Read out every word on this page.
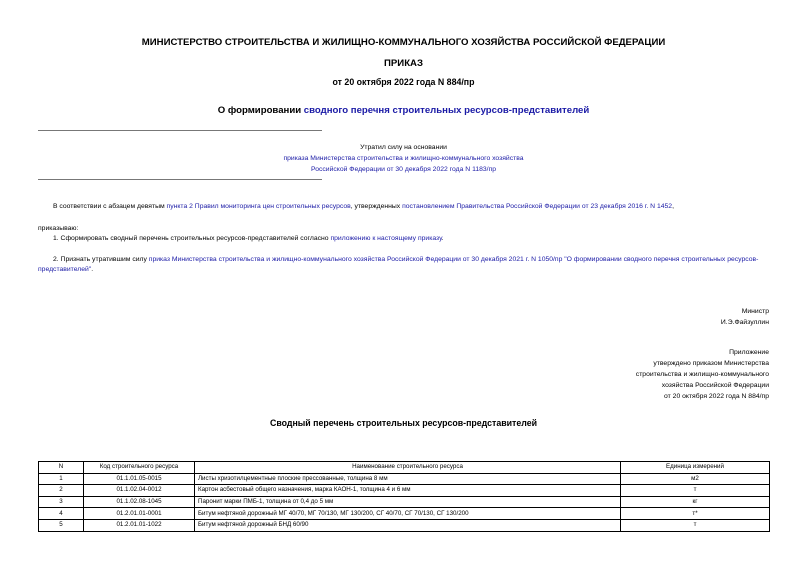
МИНИСТЕРСТВО СТРОИТЕЛЬСТВА И ЖИЛИЩНО-КОММУНАЛЬНОГО ХОЗЯЙСТВА РОССИЙСКОЙ ФЕДЕРАЦИИ
ПРИКАЗ
от 20 октября 2022 года N 884/пр
О формировании сводного перечня строительных ресурсов-представителей
Утратил силу на основании
приказа Министерства строительства и жилищно-коммунального хозяйства
Российской Федерации от 30 декабря 2022 года N 1183/пр
В соответствии с абзацем девятым пункта 2 Правил мониторинга цен строительных ресурсов, утвержденных постановлением Правительства Российской Федерации от 23 декабря 2016 г. N 1452,
приказываю:
1. Сформировать сводный перечень строительных ресурсов-представителей согласно приложению к настоящему приказу.
2. Признать утратившим силу приказ Министерства строительства и жилищно-коммунального хозяйства Российской Федерации от 30 декабря 2021 г. N 1050/пр "О формировании сводного перечня строительных ресурсов-представителей".
Министр
И.Э.Файзуллин
Приложение
утверждено приказом Министерства
строительства и жилищно-коммунального
хозяйства Российской Федерации
от 20 октября 2022 года N 884/пр
Сводный перечень строительных ресурсов-представителей
N	Код строительного ресурса	Наименование строительного ресурса	Единица измерений
1	01.1.01.05-0015	Листы хризотилцементные плоские прессованные, толщина 8 мм	м2
2	01.1.02.04-0012	Картон асбестовый общего назначения, марка КАОН-1, толщина 4 и 6 мм	т
3	01.1.02.08-1045	Паронит марки ПМБ-1, толщина от 0,4 до 5 мм	кг
4	01.2.01.01-0001	Битум нефтяной дорожный МГ 40/70, МГ 70/130, МГ 130/200, СГ 40/70, СГ 70/130, СГ 130/200	т*
5	01.2.01.01-1022	Битум нефтяной дорожный БНД 60/90	т
